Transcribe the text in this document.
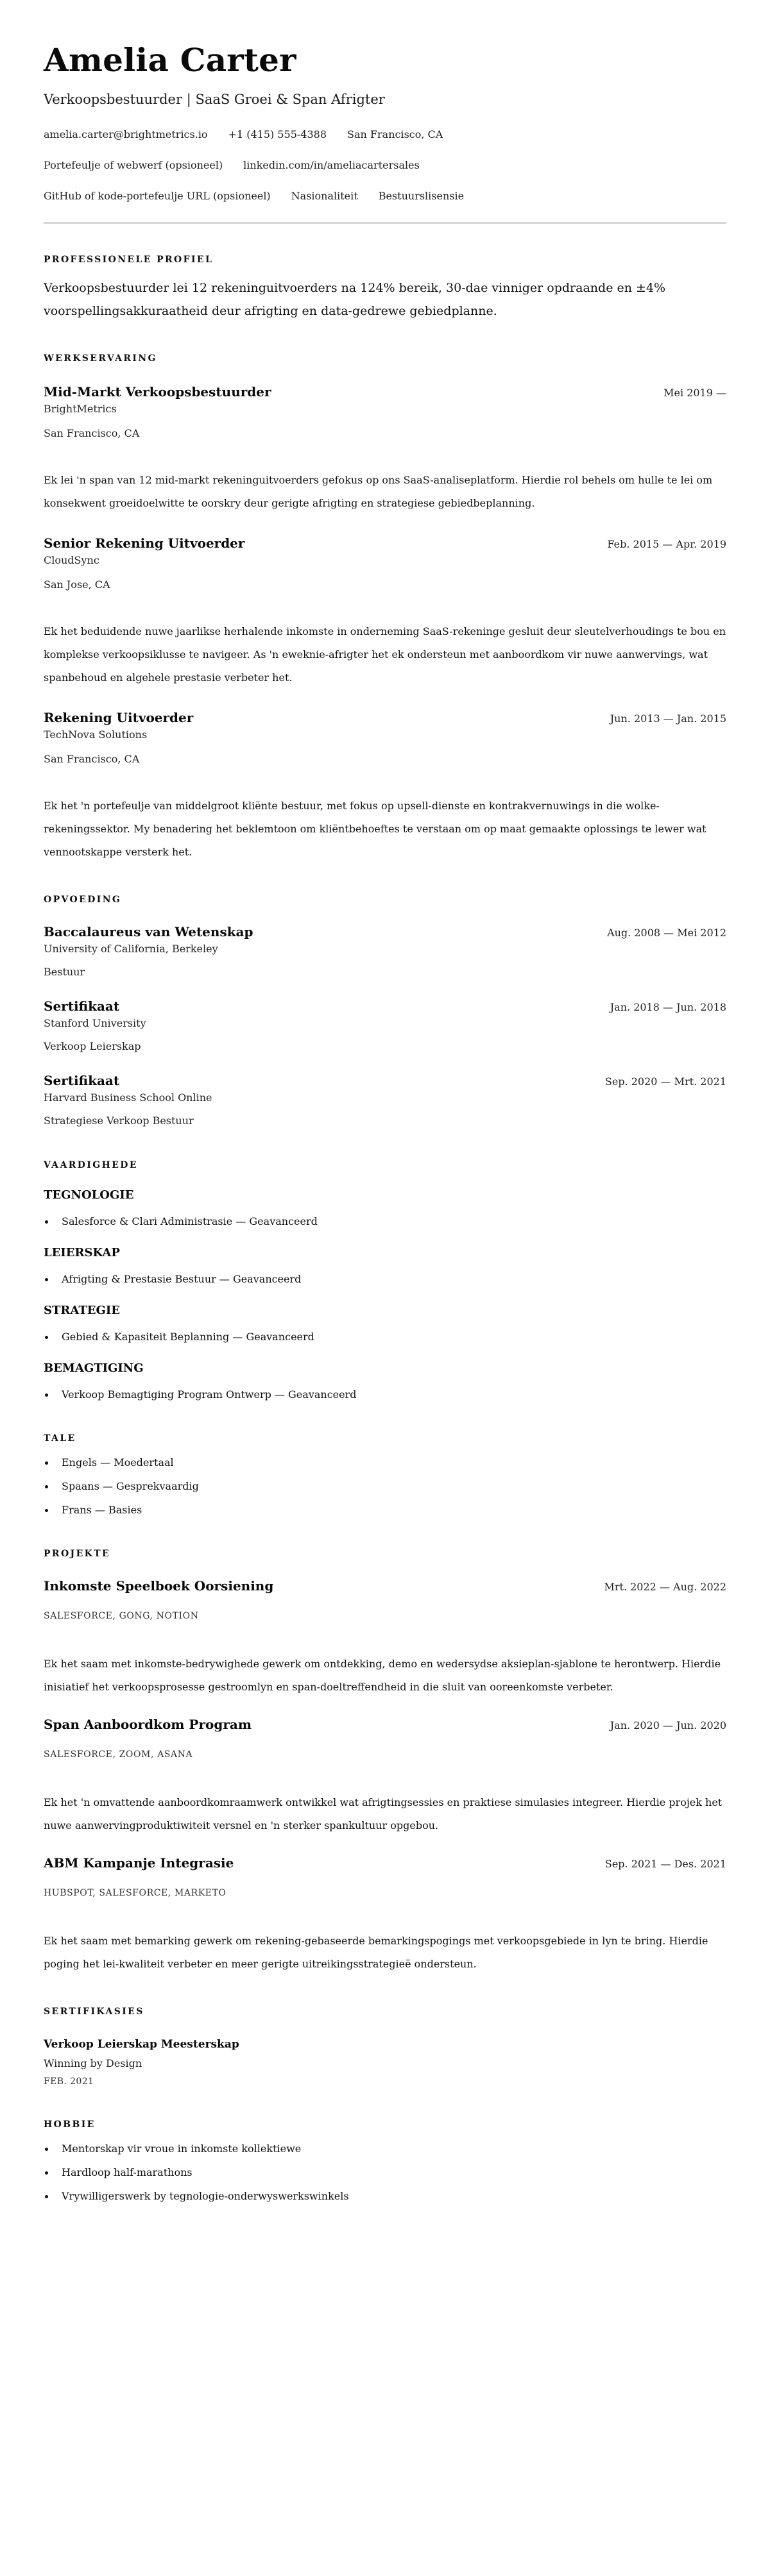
Amelia Carter
Verkoopsbestuurder | SaaS Groei & Span Afrigter
amelia.carter@brightmetrics.io +1 (415) 555-4388 San Francisco, CA
Portefeulje of webwerf (opsioneel) linkedin.com/in/ameliacartersales
GitHub of kode-portefeulje URL (opsioneel) Nasionaliteit Bestuurslisensie
PROFESSIONELE PROFIEL

Verkoopsbestuurder lei 12 rekeninguitvoerders na 124% bereik, 30-dae vinniger opdraande en ±4% voorspellingsakkuraatheid deur afrigting en data-gedrewe gebiedplanne.

WERKSERVARING
Mid-Markt Verkoopsbestuurder	Mei 2019 —
BrightMetrics
San Francisco, CA

Ek lei 'n span van 12 mid-markt rekeninguitvoerders gefokus op ons SaaS-analiseplatform. Hierdie rol behels om hulle te lei om konsekwent groeidoelwitte te oorskry deur gerigte afrigting en strategiese gebiedbeplanning.

Senior Rekening Uitvoerder	Feb. 2015 — Apr. 2019
CloudSync
San Jose, CA

Ek het beduidende nuwe jaarlikse herhalende inkomste in onderneming SaaS-rekeninge gesluit deur sleutelverhoudings te bou en komplekse verkoopsiklusse te navigeer. As 'n eweknie-afrigter het ek ondersteun met aanboordkom vir nuwe aanwervings, wat spanbehoud en algehele prestasie verbeter het.

Rekening Uitvoerder	Jun. 2013 — Jan. 2015
TechNova Solutions
San Francisco, CA

Ek het 'n portefeulje van middelgroot kliënte bestuur, met fokus op upsell-dienste en kontrakvernuwings in die wolke-rekeningssektor. My benadering het beklemtoon om kliëntbehoeftes te verstaan om op maat gemaakte oplossings te lewer wat vennootskappe versterk het.

OPVOEDING
Baccalaureus van Wetenskap	Aug. 2008 — Mei 2012
University of California, Berkeley
Bestuur
Sertifikaat	Jan. 2018 — Jun. 2018
Stanford University
Verkoop Leierskap
Sertifikaat	Sep. 2020 — Mrt. 2021
Harvard Business School Online
Strategiese Verkoop Bestuur
VAARDIGHEDE
TEGNOLOGIE
Salesforce & Clari Administrasie — Geavanceerd
LEIERSKAP
Afrigting & Prestasie Bestuur — Geavanceerd
STRATEGIE
Gebied & Kapasiteit Beplanning — Geavanceerd
BEMAGTIGING
Verkoop Bemagtiging Program Ontwerp — Geavanceerd
TALE
Engels — Moedertaal
Spaans — Gesprekvaardig
Frans — Basies
PROJEKTE
Inkomste Speelboek Oorsiening	Mrt. 2022 — Aug. 2022
SALESFORCE, GONG, NOTION

Ek het saam met inkomste-bedrywighede gewerk om ontdekking, demo en wedersydse aksieplan-sjablone te herontwerp. Hierdie inisiatief het verkoopsprosesse gestroomlyn en span-doeltreffendheid in die sluit van ooreenkomste verbeter.

Span Aanboordkom Program	Jan. 2020 — Jun. 2020
SALESFORCE, ZOOM, ASANA

Ek het 'n omvattende aanboordkomraamwerk ontwikkel wat afrigtingsessies en praktiese simulasies integreer. Hierdie projek het nuwe aanwervingproduktiwiteit versnel en 'n sterker spankultuur opgebou.

ABM Kampanje Integrasie	Sep. 2021 — Des. 2021
HUBSPOT, SALESFORCE, MARKETO

Ek het saam met bemarking gewerk om rekening-gebaseerde bemarkingspogings met verkoopsgebiede in lyn te bring. Hierdie poging het lei-kwaliteit verbeter en meer gerigte uitreikingsstrategieë ondersteun.

SERTIFIKASIES
Verkoop Leierskap Meesterskap
Winning by Design
FEB. 2021
HOBBIE
Mentorskap vir vroue in inkomste kollektiewe
Hardloop half-marathons
Vrywilligerswerk by tegnologie-onderwyswerkswinkels
